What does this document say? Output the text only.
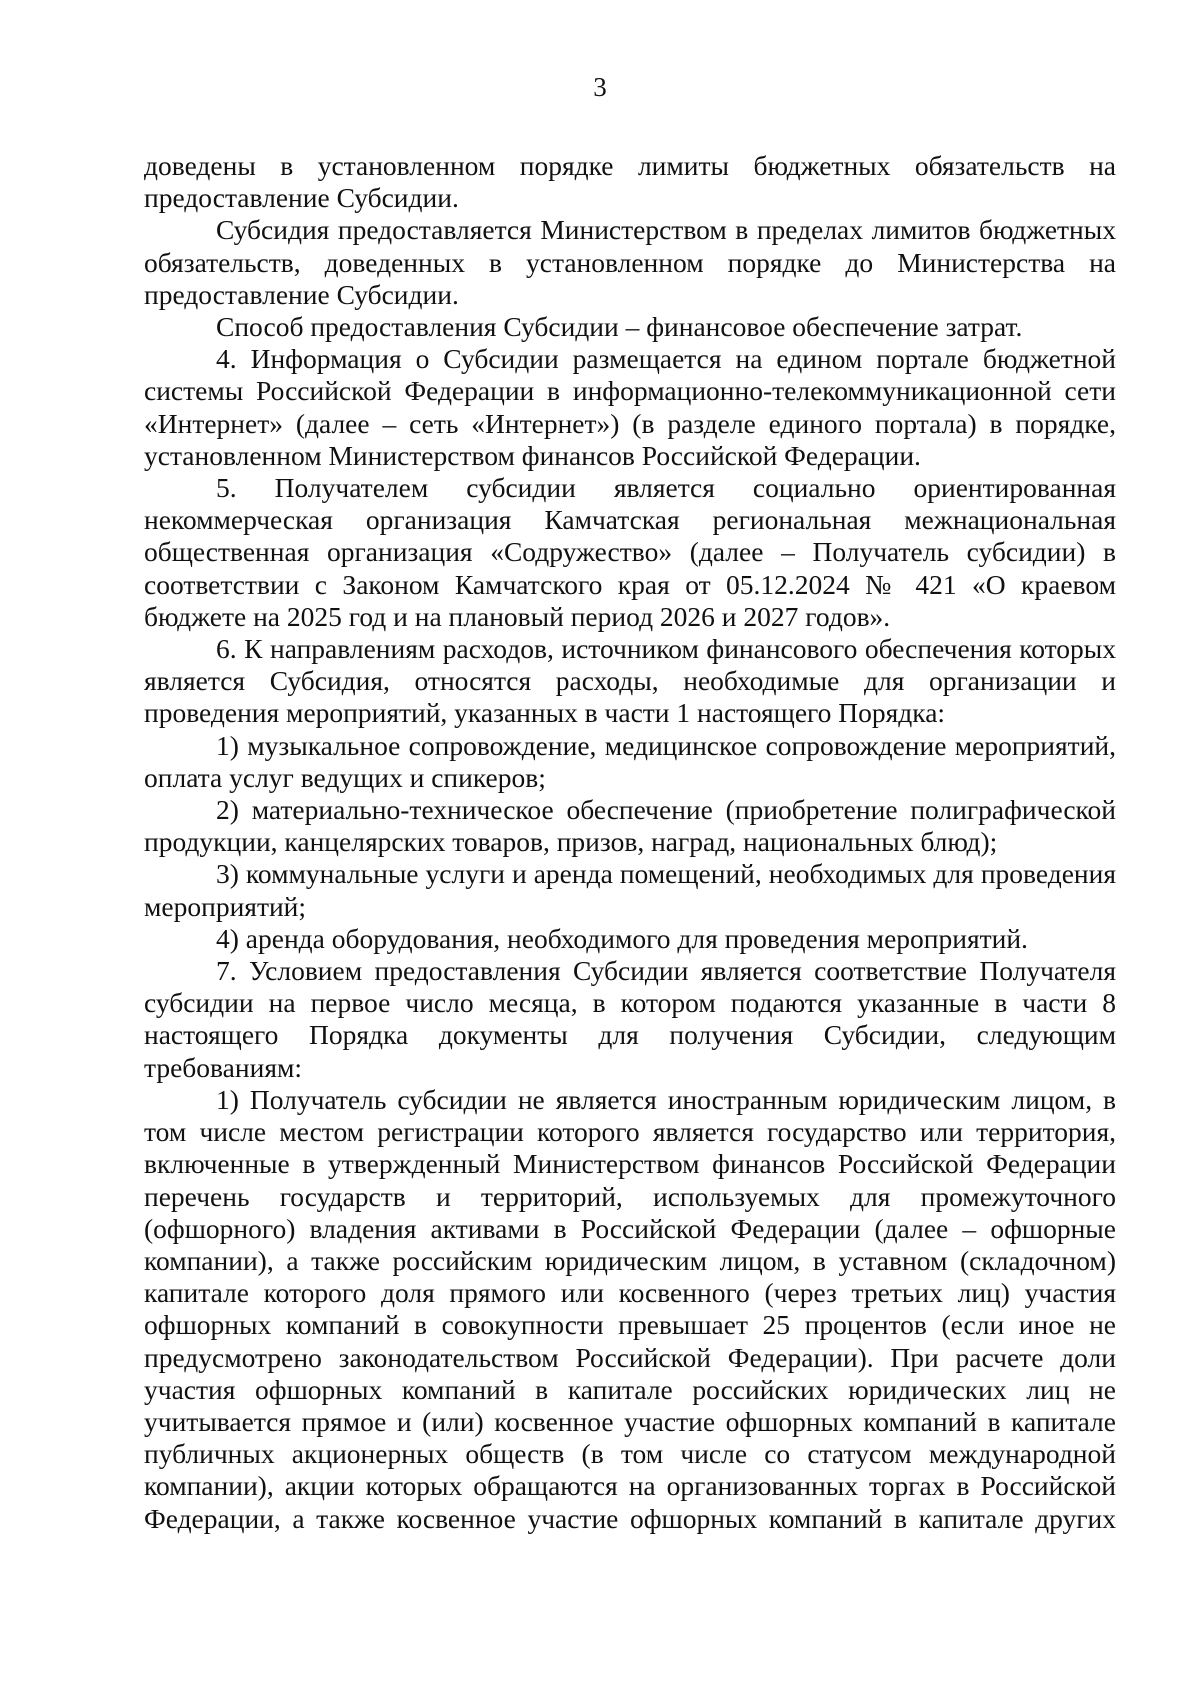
3

доведены в установленном порядке лимиты бюджетных обязательств на предоставление Субсидии.

Субсидия предоставляется Министерством в пределах лимитов бюджетных обязательств, доведенных в установленном порядке до Министерства на предоставление Субсидии.

Способ предоставления Субсидии – финансовое обеспечение затрат.

4. Информация о Субсидии размещается на едином портале бюджетной системы Российской Федерации в информационно-телекоммуникационной сети «Интернет» (далее – сеть «Интернет») (в разделе единого портала) в порядке, установленном Министерством финансов Российской Федерации.

5. Получателем субсидии является социально ориентированная некоммерческая организация Камчатская региональная межнациональная общественная организация «Содружество» (далее – Получатель субсидии) в соответствии с Законом Камчатского края от 05.12.2024 № 421 «О краевом бюджете на 2025 год и на плановый период 2026 и 2027 годов».

6. К направлениям расходов, источником финансового обеспечения которых является Субсидия, относятся расходы, необходимые для организации и проведения мероприятий, указанных в части 1 настоящего Порядка:

1) музыкальное сопровождение, медицинское сопровождение мероприятий, оплата услуг ведущих и спикеров;

2) материально-техническое обеспечение (приобретение полиграфической продукции, канцелярских товаров, призов, наград, национальных блюд);

3) коммунальные услуги и аренда помещений, необходимых для проведения мероприятий;

4) аренда оборудования, необходимого для проведения мероприятий.

7. Условием предоставления Субсидии является соответствие Получателя субсидии на первое число месяца, в котором подаются указанные в части 8 настоящего Порядка документы для получения Субсидии, следующим требованиям:

1) Получатель субсидии не является иностранным юридическим лицом, в том числе местом регистрации которого является государство или территория, включенные в утвержденный Министерством финансов Российской Федерации перечень государств и территорий, используемых для промежуточного (офшорного) владения активами в Российской Федерации (далее – офшорные компании), а также российским юридическим лицом, в уставном (складочном) капитале которого доля прямого или косвенного (через третьих лиц) участия офшорных компаний в совокупности превышает 25 процентов (если иное не предусмотрено законодательством Российской Федерации). При расчете доли участия офшорных компаний в капитале российских юридических лиц не учитывается прямое и (или) косвенное участие офшорных компаний в капитале публичных акционерных обществ (в том числе со статусом международной компании), акции которых обращаются на организованных торгах в Российской Федерации, а также косвенное участие офшорных компаний в капитале других
